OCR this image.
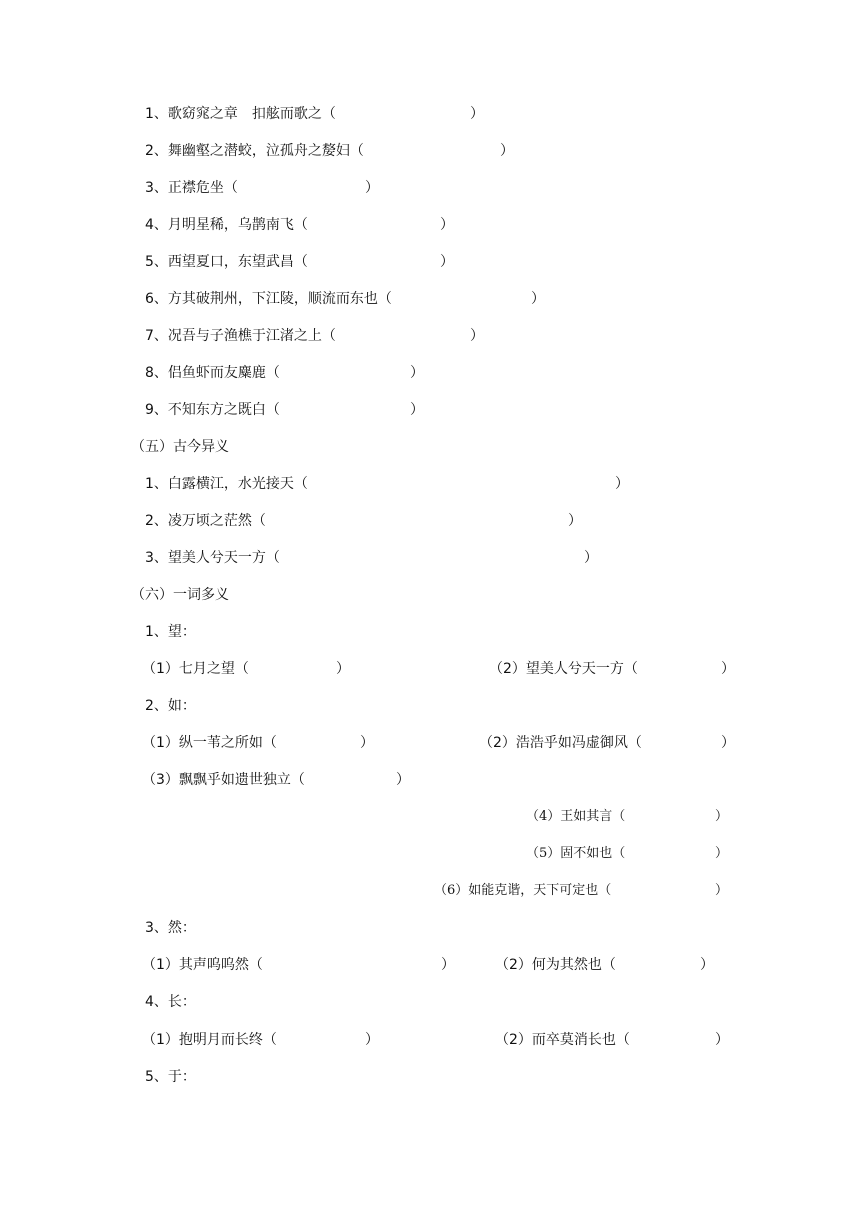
1、歌窈窕之章　扣舷而歌之（	）
2、舞幽壑之潜蛟，泣孤舟之嫠妇（	）
3、正襟危坐（	）
4、月明星稀，乌鹊南飞（	）
5、西望夏口，东望武昌（	）
6、方其破荆州，下江陵，顺流而东也（	）
7、况吾与子渔樵于江渚之上（	）
8、侣鱼虾而友麋鹿（	）
9、不知东方之既白（	）
（五）古今异义
1、白露横江，水光接天（	）
2、凌万顷之茫然（	）
3、望美人兮天一方（	）
（六）一词多义
1、望：
（1）七月之望（	）	（2）望美人兮天一方（	）
2、如：
（1）纵一苇之所如（	）	（2）浩浩乎如冯虚御风（	）
（3）飘飘乎如遗世独立（	）
（4）王如其言（	）
（5）固不如也（	）
（6）如能克谐，天下可定也（	）
3、然：
（1）其声呜呜然（	）	（2）何为其然也（	）
4、长：
（1）抱明月而长终（	）	（2）而卒莫消长也（	）
5、于：
